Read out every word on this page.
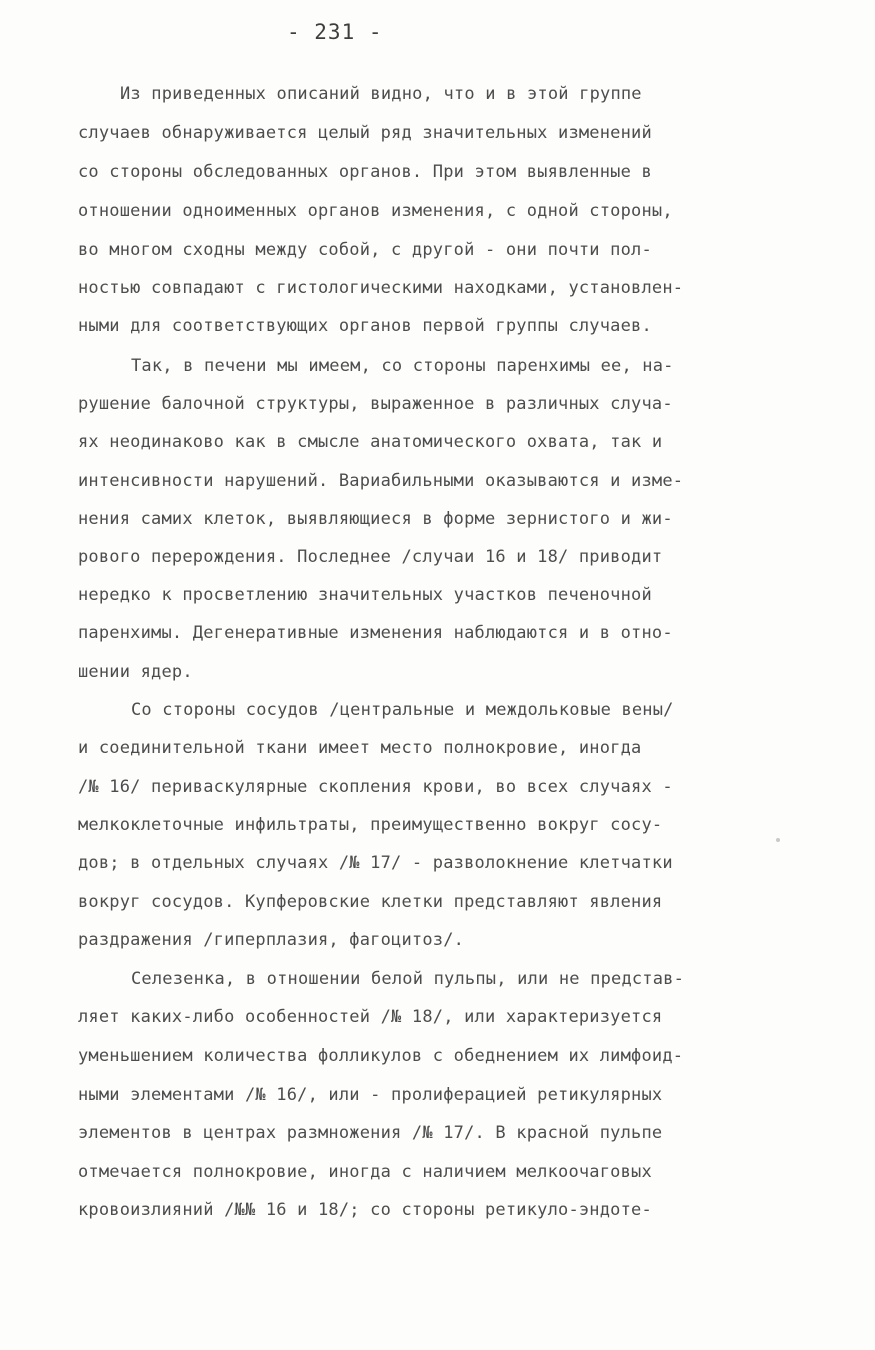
- 231 -
Из приведенных описаний видно, что и в этой группе
случаев обнаруживается целый ряд значительных изменений
со стороны обследованных органов. При этом выявленные в
отношении одноименных органов изменения, с одной стороны,
во многом сходны между собой, с другой - они почти пол-
ностью совпадают с гистологическими находками, установлен-
ными для соответствующих органов первой группы случаев.
Так, в печени мы имеем, со стороны паренхимы ее, на-
рушение балочной структуры, выраженное в различных случа-
ях неодинаково как в смысле анатомического охвата, так и
интенсивности нарушений. Вариабильными оказываются и изме-
нения самих клеток, выявляющиеся в форме зернистого и жи-
рового перерождения. Последнее /случаи 16 и 18/ приводит
нередко к просветлению значительных участков печеночной
паренхимы. Дегенеративные изменения наблюдаются и в отно-
шении ядер.
Со стороны сосудов /центральные и междольковые вены/
и соединительной ткани имеет место полнокровие, иногда
/№ 16/ периваскулярные скопления крови, во всех случаях -
мелкоклеточные инфильтраты, преимущественно вокруг сосу-
дов; в отдельных случаях /№ 17/ - разволокнение клетчатки
вокруг сосудов. Купферовские клетки представляют явления
раздражения /гиперплазия, фагоцитоз/.
Селезенка, в отношении белой пульпы, или не представ-
ляет каких-либо особенностей /№ 18/, или характеризуется
уменьшением количества фолликулов с обеднением их лимфоид-
ными элементами /№ 16/, или - пролиферацией ретикулярных
элементов в центрах размножения /№ 17/. В красной пульпе
отмечается полнокровие, иногда с наличием мелкоочаговых
кровоизлияний /№№ 16 и 18/; со стороны ретикуло-эндоте-
